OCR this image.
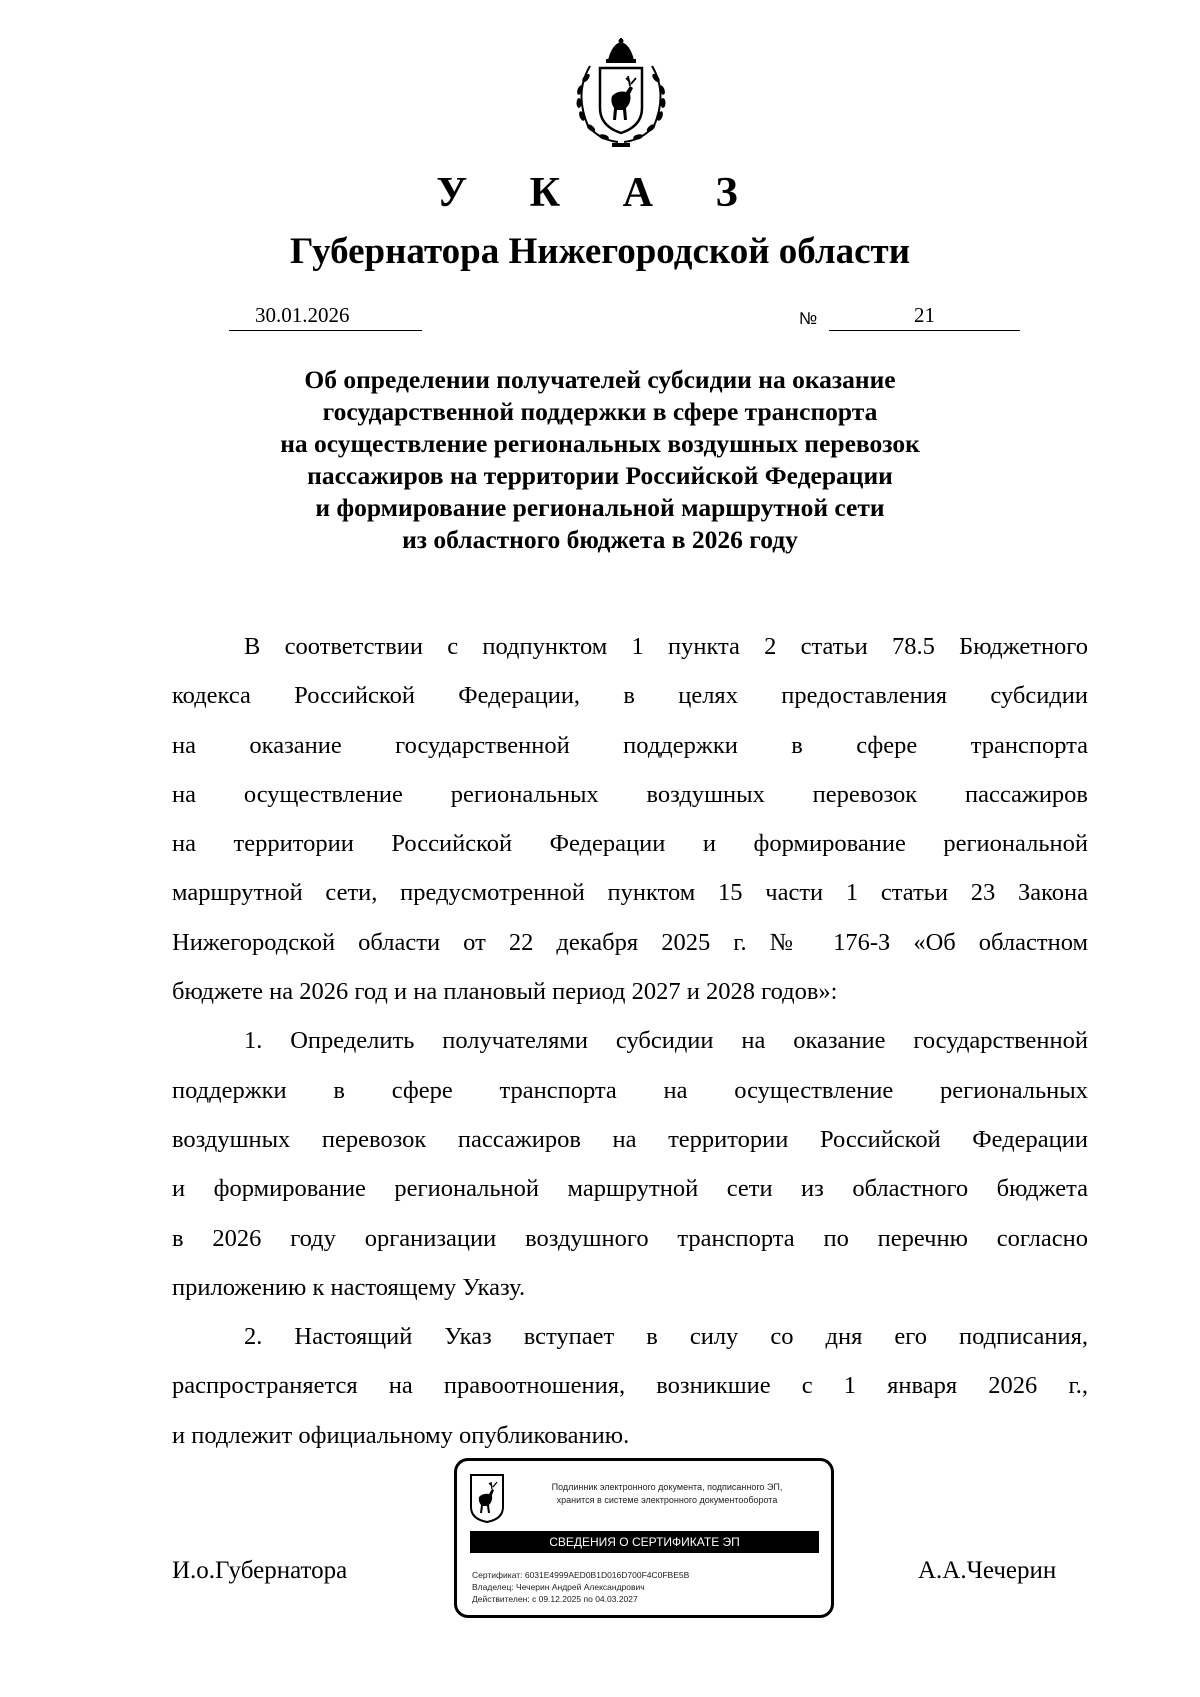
У К А З
Губернатора Нижегородской области
30.01.2026	№	21
Об определении получателей субсидии на оказание
государственной поддержки в сфере транспорта
на осуществление региональных воздушных перевозок
пассажиров на территории Российской Федерации
и формирование региональной маршрутной сети
из областного бюджета в 2026 году
В соответствии с подпунктом 1 пункта 2 статьи 78.5 Бюджетного
кодекса Российской Федерации, в целях предоставления субсидии
на оказание государственной поддержки в сфере транспорта
на осуществление региональных воздушных перевозок пассажиров
на территории Российской Федерации и формирование региональной
маршрутной сети, предусмотренной пунктом 15 части 1 статьи 23 Закона
Нижегородской области от 22 декабря 2025 г. № 176-З «Об областном
бюджете на 2026 год и на плановый период 2027 и 2028 годов»:
1. Определить получателями субсидии на оказание государственной
поддержки в сфере транспорта на осуществление региональных
воздушных перевозок пассажиров на территории Российской Федерации
и формирование региональной маршрутной сети из областного бюджета
в 2026 году организации воздушного транспорта по перечню согласно
приложению к настоящему Указу.
2. Настоящий Указ вступает в силу со дня его подписания,
распространяется на правоотношения, возникшие с 1 января 2026 г.,
и подлежит официальному опубликованию.
И.о.Губернатора	А.А.Чечерин
Подлинник электронного документа, подписанного ЭП,
хранится в системе электронного документооборота
СВЕДЕНИЯ О СЕРТИФИКАТЕ ЭП
Сертификат: 6031E4999AED0B1D016D700F4C0FBE5B
Владелец: Чечерин Андрей Александрович
Действителен: с 09.12.2025 по 04.03.2027
